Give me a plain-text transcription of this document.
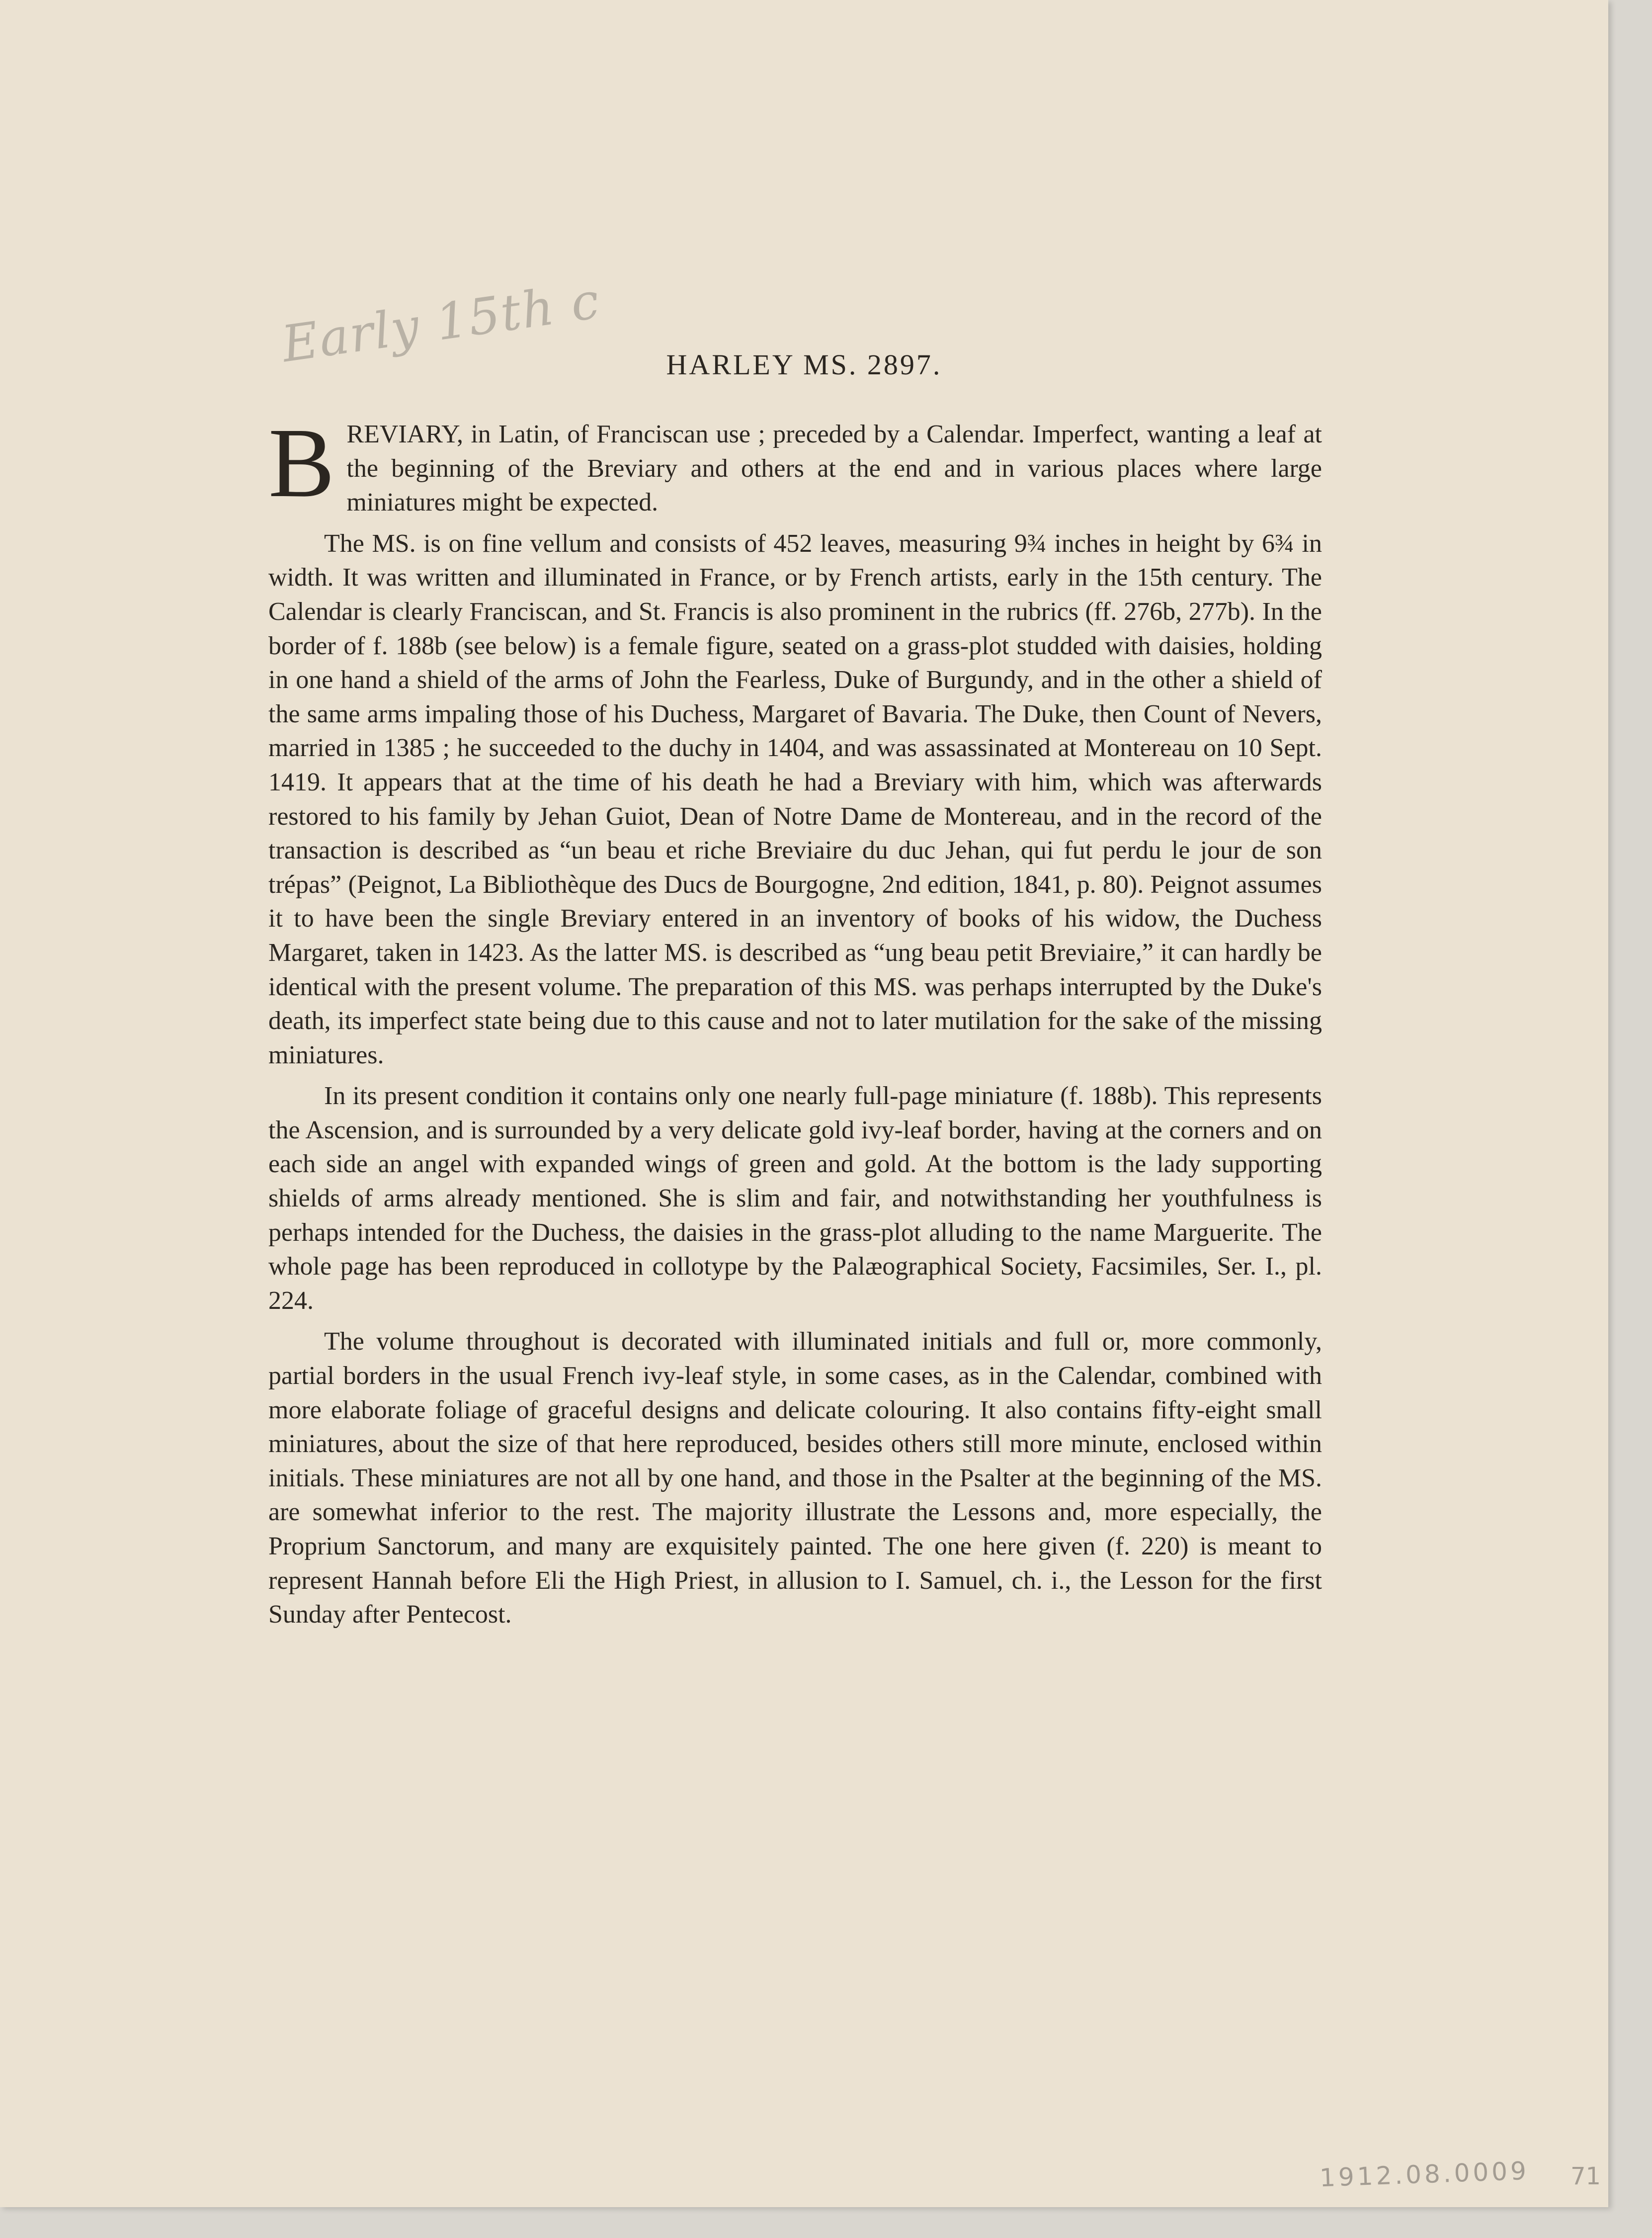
Early 15th c	HARLEY MS. 2897.

B REVIARY, in Latin, of Franciscan use ; preceded by a Calendar. Imperfect, wanting a leaf at the beginning of the Breviary and others at the end and in various places where large miniatures might be expected.

The MS. is on fine vellum and consists of 452 leaves, measuring 9¾ inches in height by 6¾ in width. It was written and illuminated in France, or by French artists, early in the 15th century. The Calendar is clearly Franciscan, and St. Francis is also prominent in the rubrics (ff. 276b, 277b). In the border of f. 188b (see below) is a female figure, seated on a grass-plot studded with daisies, holding in one hand a shield of the arms of John the Fearless, Duke of Burgundy, and in the other a shield of the same arms impaling those of his Duchess, Margaret of Bavaria. The Duke, then Count of Nevers, married in 1385 ; he succeeded to the duchy in 1404, and was assassinated at Montereau on 10 Sept. 1419. It appears that at the time of his death he had a Breviary with him, which was afterwards restored to his family by Jehan Guiot, Dean of Notre Dame de Montereau, and in the record of the transaction is described as “un beau et riche Breviaire du duc Jehan, qui fut perdu le jour de son trépas” (Peignot, La Bibliothèque des Ducs de Bourgogne, 2nd edition, 1841, p. 80). Peignot assumes it to have been the single Breviary entered in an inventory of books of his widow, the Duchess Margaret, taken in 1423. As the latter MS. is described as “ung beau petit Breviaire,” it can hardly be identical with the present volume. The preparation of this MS. was perhaps interrupted by the Duke's death, its imperfect state being due to this cause and not to later mutilation for the sake of the missing miniatures.

In its present condition it contains only one nearly full-page miniature (f. 188b). This represents the Ascension, and is surrounded by a very delicate gold ivy-leaf border, having at the corners and on each side an angel with expanded wings of green and gold. At the bottom is the lady supporting shields of arms already mentioned. She is slim and fair, and notwithstanding her youthfulness is perhaps intended for the Duchess, the daisies in the grass-plot alluding to the name Marguerite. The whole page has been reproduced in collotype by the Palæographical Society, Facsimiles, Ser. I., pl. 224.

The volume throughout is decorated with illuminated initials and full or, more commonly, partial borders in the usual French ivy-leaf style, in some cases, as in the Calendar, combined with more elaborate foliage of graceful designs and delicate colouring. It also contains fifty-eight small miniatures, about the size of that here reproduced, besides others still more minute, enclosed within initials. These miniatures are not all by one hand, and those in the Psalter at the beginning of the MS. are somewhat inferior to the rest. The majority illustrate the Lessons and, more especially, the Proprium Sanctorum, and many are exquisitely painted. The one here given (f. 220) is meant to represent Hannah before Eli the High Priest, in allusion to I. Samuel, ch. i., the Lesson for the first Sunday after Pentecost.

1912.08.0009 71
